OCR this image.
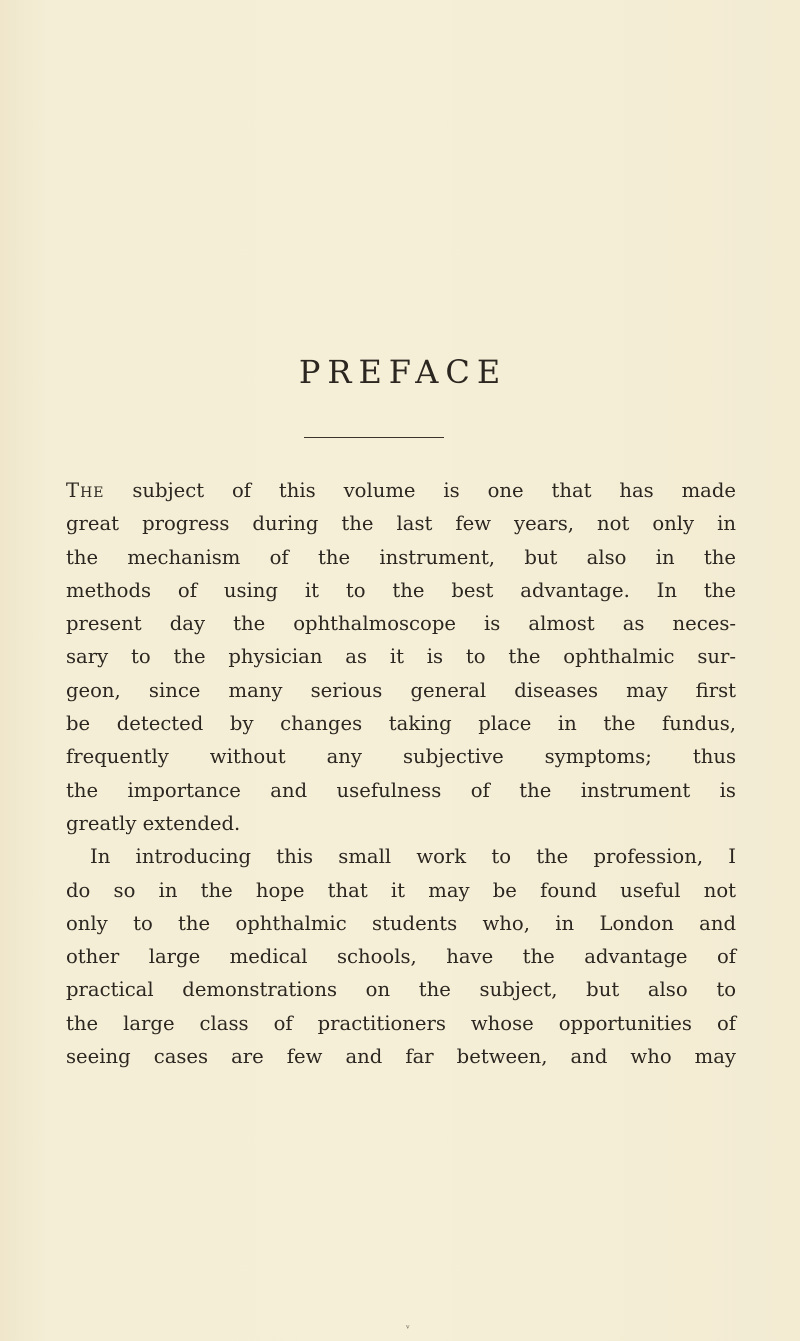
PREFACE
The subject of this volume is one that has made
great progress during the last few years, not only in
the mechanism of the instrument, but also in the
methods of using it to the best advantage. In the
present day the ophthalmoscope is almost as neces-
sary to the physician as it is to the ophthalmic sur-
geon, since many serious general diseases may first
be detected by changes taking place in the fundus,
frequently without any subjective symptoms; thus
the importance and usefulness of the instrument is
greatly extended.
In introducing this small work to the profession, I
do so in the hope that it may be found useful not
only to the ophthalmic students who, in London and
other large medical schools, have the advantage of
practical demonstrations on the subject, but also to
the large class of practitioners whose opportunities of
seeing cases are few and far between, and who may
ᵛ
